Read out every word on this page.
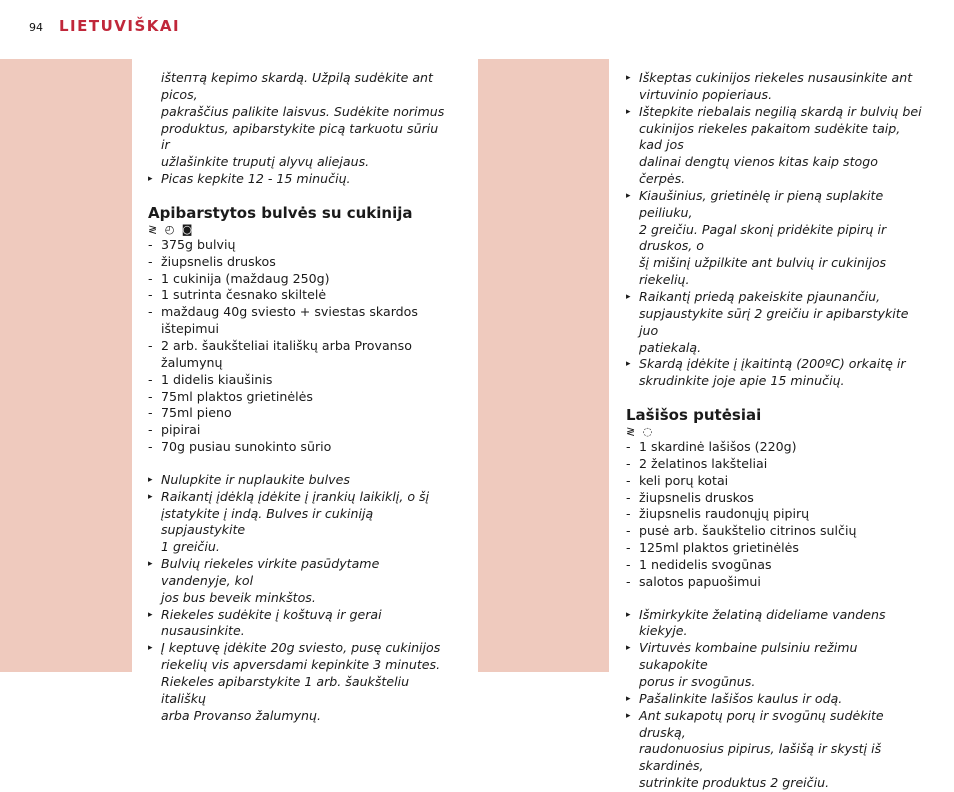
94 LIETUVIŠKAI
ištептą kepimo skardą. Užpilą sudėkite ant picos,
pakraščius palikite laisvus. Sudėkite norimus
produktus, apibarstykite picą tarkuotu sūriu ir
užlašinkite truputį alyvų aliejaus.
▸ Picas kepkite 12 - 15 minučių.
Apibarstytos bulvės su cukinija
≷ ◴ ◙
- 375g bulvių
- žiupsnelis druskos
- 1 cukinija (maždaug 250g)
- 1 sutrinta česnako skiltelė
- maždaug 40g sviesto + sviestas skardos
ištepimui
- 2 arb. šaukšteliai itališkų arba Provanso
žalumynų
- 1 didelis kiaušinis
- 75ml plaktos grietinėlės
- 75ml pieno
- pipirai
- 70g pusiau sunokinto sūrio
▸ Nulupkite ir nuplaukite bulves
▸ Raikantį įdėklą įdėkite į įrankių laikiklį, o šį
įstatykite į indą. Bulves ir cukiniją supjaustykite
1 greičiu.
▸ Bulvių riekeles virkite pasūdytame vandenyje, kol
jos bus beveik minkštos.
▸ Riekeles sudėkite į koštuvą ir gerai nusausinkite.
▸ Į keptuvę įdėkite 20g sviesto, pusę cukinijos
riekelių vis apversdami kepinkite 3 minutes.
Riekeles apibarstykite 1 arb. šaukšteliu itališkų
arba Provanso žalumynų.
▸ Iškeptas cukinijos riekeles nusausinkite ant
virtuvinio popieriaus.
▸ Ištepkite riebalais negilią skardą ir bulvių bei
cukinijos riekeles pakaitom sudėkite taip, kad jos
dalinai dengtų vienos kitas kaip stogo čerpės.
▸ Kiaušinius, grietinėlę ir pieną suplakite peiliuku,
2 greičiu. Pagal skonį pridėkite pipirų ir druskos, o
šį mišinį užpilkite ant bulvių ir cukinijos riekelių.
▸ Raikantį priedą pakeiskite pjaunančiu,
supjaustykite sūrį 2 greičiu ir apibarstykite juo
patiekalą.
▸ Skardą įdėkite į įkaitintą (200ºC) orkaitę ir
skrudinkite joje apie 15 minučių.
Lašišos putėsiai
≷ ◌
- 1 skardinė lašišos (220g)
- 2 želatinos lakšteliai
- keli porų kotai
- žiupsnelis druskos
- žiupsnelis raudonųjų pipirų
- pusė arb. šaukštelio citrinos sulčių
- 125ml plaktos grietinėlės
- 1 nedidelis svogūnas
- salotos papuošimui
▸ Išmirkykite želatiną dideliame vandens kiekyje.
▸ Virtuvės kombaine pulsiniu režimu sukapokite
porus ir svogūnus.
▸ Pašalinkite lašišos kaulus ir odą.
▸ Ant sukapotų porų ir svogūnų sudėkite druską,
raudonuosius pipirus, lašišą ir skystį iš skardinės,
sutrinkite produktus 2 greičiu.
